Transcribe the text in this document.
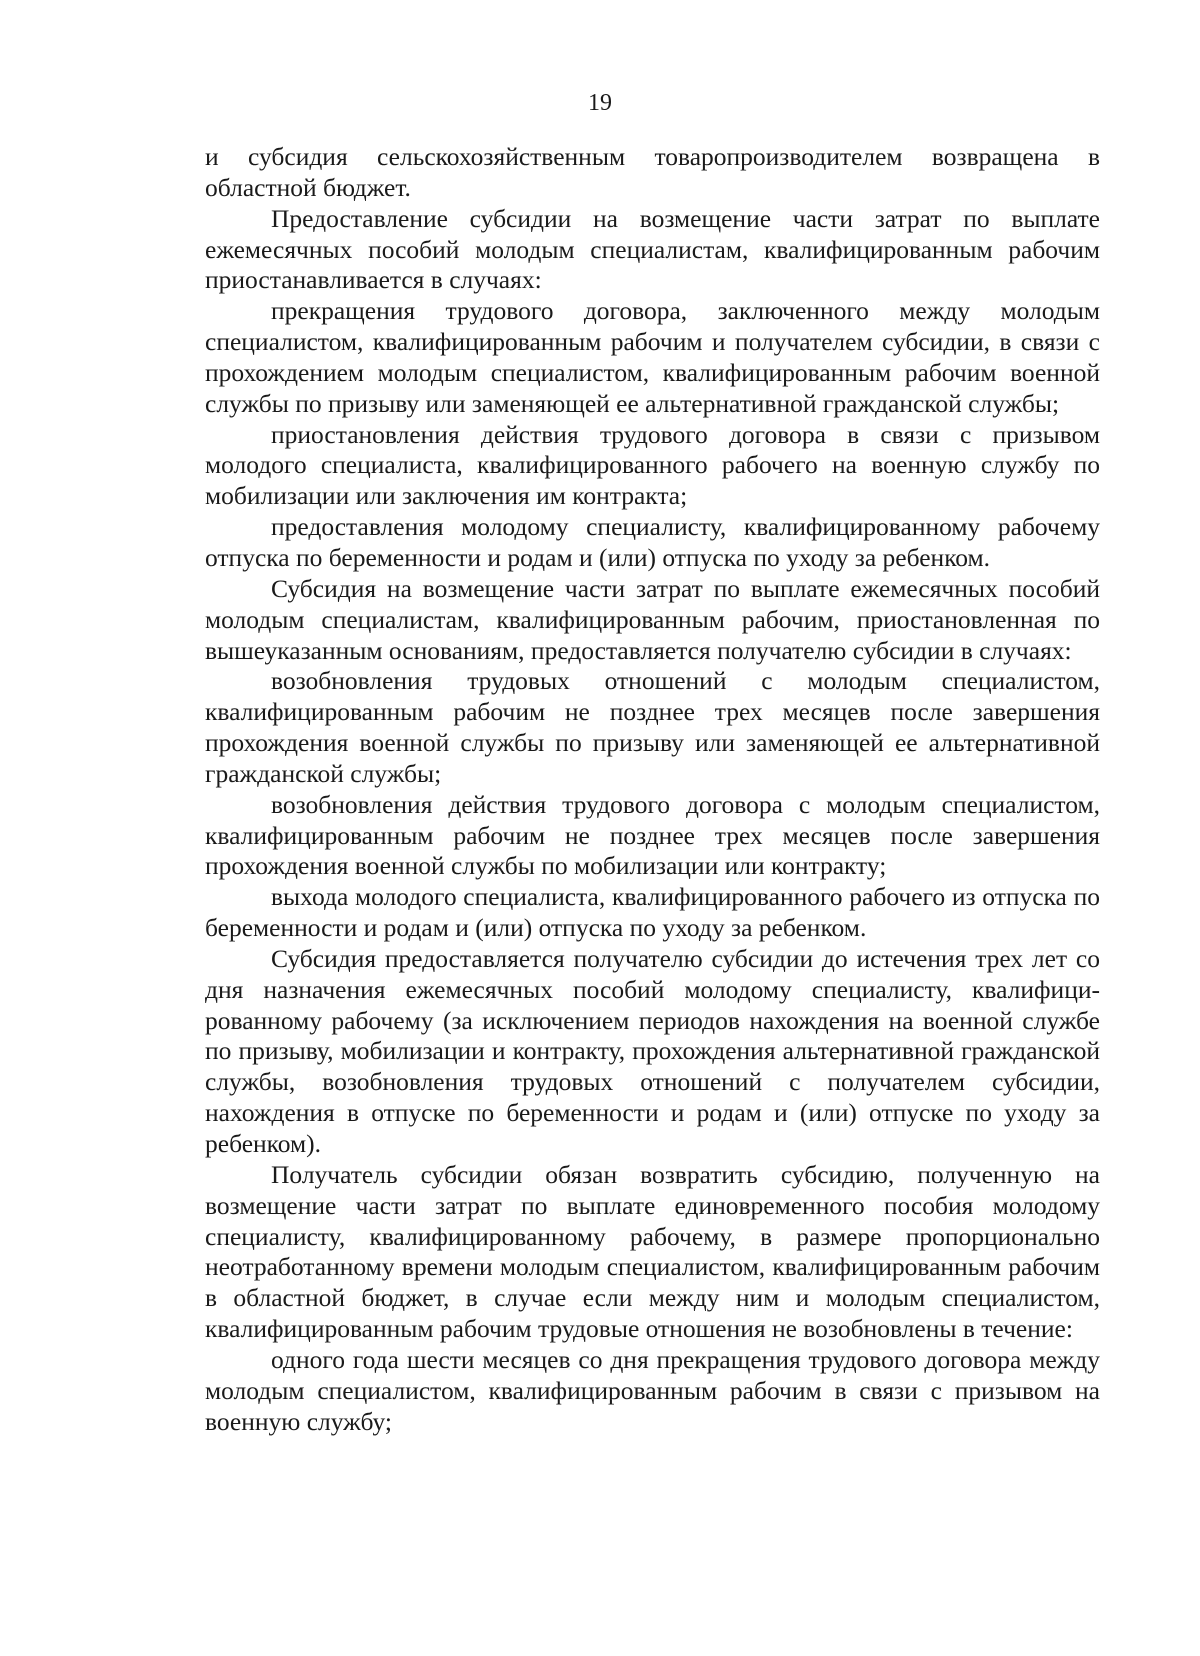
19

и субсидия сельскохозяйственным товаропроизводителем возвращена в областной бюджет.

Предоставление субсидии на возмещение части затрат по выплате ежемесячных пособий молодым специалистам, квалифицированным рабочим приостанавливается в случаях:

прекращения трудового договора, заключенного между молодым специалистом, квалифицированным рабочим и получателем субсидии, в связи с прохождением молодым специалистом, квалифицированным рабочим военной службы по призыву или заменяющей ее альтернативной гражданской службы;

приостановления действия трудового договора в связи с призывом молодого специалиста, квалифицированного рабочего на военную службу по мобилизации или заключения им контракта;

предоставления молодому специалисту, квалифицированному рабочему отпуска по беременности и родам и (или) отпуска по уходу за ребенком.

Субсидия на возмещение части затрат по выплате ежемесячных пособий молодым специалистам, квалифицированным рабочим, приостановленная по вышеуказанным основаниям, предоставляется получателю субсидии в случаях:

возобновления трудовых отношений с молодым специалистом, квалифицированным рабочим не позднее трех месяцев после завершения прохождения военной службы по призыву или заменяющей ее альтернативной гражданской службы;

возобновления действия трудового договора с молодым специалистом, квалифицированным рабочим не позднее трех месяцев после завершения прохождения военной службы по мобилизации или контракту;

выхода молодого специалиста, квалифицированного рабочего из отпуска по беременности и родам и (или) отпуска по уходу за ребенком.

Субсидия предоставляется получателю субсидии до истечения трех лет со дня назначения ежемесячных пособий молодому специалисту, квалифицированному рабочему (за исключением периодов нахождения на военной службе по призыву, мобилизации и контракту, прохождения альтернативной гражданской службы, возобновления трудовых отношений с получателем субсидии, нахождения в отпуске по беременности и родам и (или) отпуске по уходу за ребенком).

Получатель субсидии обязан возвратить субсидию, полученную на возмещение части затрат по выплате единовременного пособия молодому специалисту, квалифицированному рабочему, в размере пропорционально неотработанному времени молодым специалистом, квалифицированным рабочим в областной бюджет, в случае если между ним и молодым специалистом, квалифицированным рабочим трудовые отношения не возобновлены в течение:

одного года шести месяцев со дня прекращения трудового договора между молодым специалистом, квалифицированным рабочим в связи с призывом на военную службу;
